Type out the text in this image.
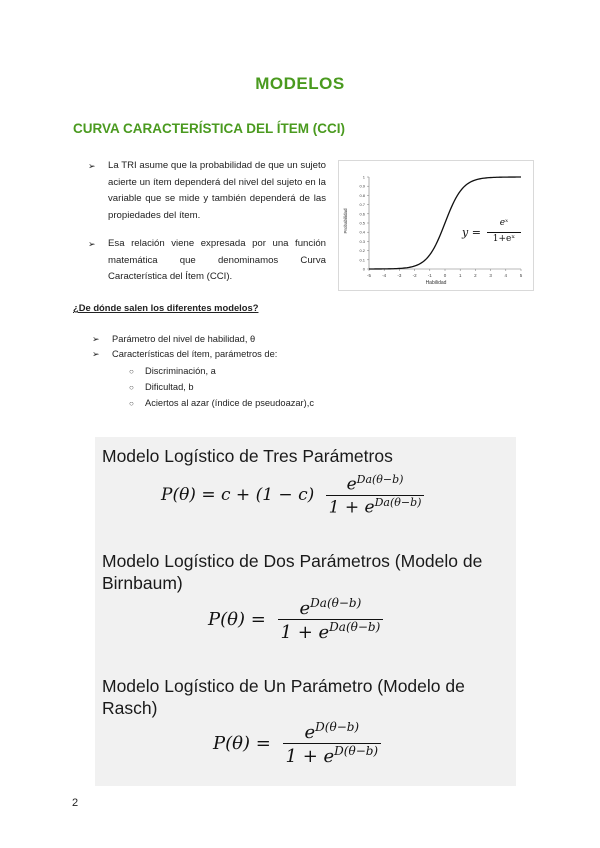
MODELOS
CURVA CARACTERÍSTICA DEL ÍTEM (CCI)
➢ La TRI asume que la probabilidad de que un sujeto acierte un ítem dependerá del nivel del sujeto en la variable que se mide y también dependerá de las propiedades del ítem.
➢ Esa relación viene expresada por una función matemática que denominamos Curva Característica del Ítem (CCI).	-5 -4 -3 -2 -1	0	1	2	3	4	5
0
0.1
0.2
0.3
0.4
0.5
0.6
0.7
0.8
0.9
1
Habilidad
Probabilidad	y =
eˣ
1+eˣ
¿De dónde salen los diferentes modelos?
➢ Parámetro del nivel de habilidad, θ
➢ Características del ítem, parámetros de:
○ Discriminación, a
○ Dificultad, b
○ Aciertos al azar (índice de pseudoazar),c
Modelo Logístico de Tres Parámetros
$P(\theta) = c + (1 - c) \frac{e^{Da(\theta-b)}}{1 + e^{Da(\theta-b)}}$
Modelo Logístico de Dos Parámetros (Modelo de Birnbaum)
$P(\theta) = \frac{e^{Da(\theta-b)}}{1 + e^{Da(\theta-b)}}$
Modelo Logístico de Un Parámetro (Modelo de Rasch)
$P(\theta) = \frac{e^{D(\theta-b)}}{1 + e^{D(\theta-b)}}$
2
